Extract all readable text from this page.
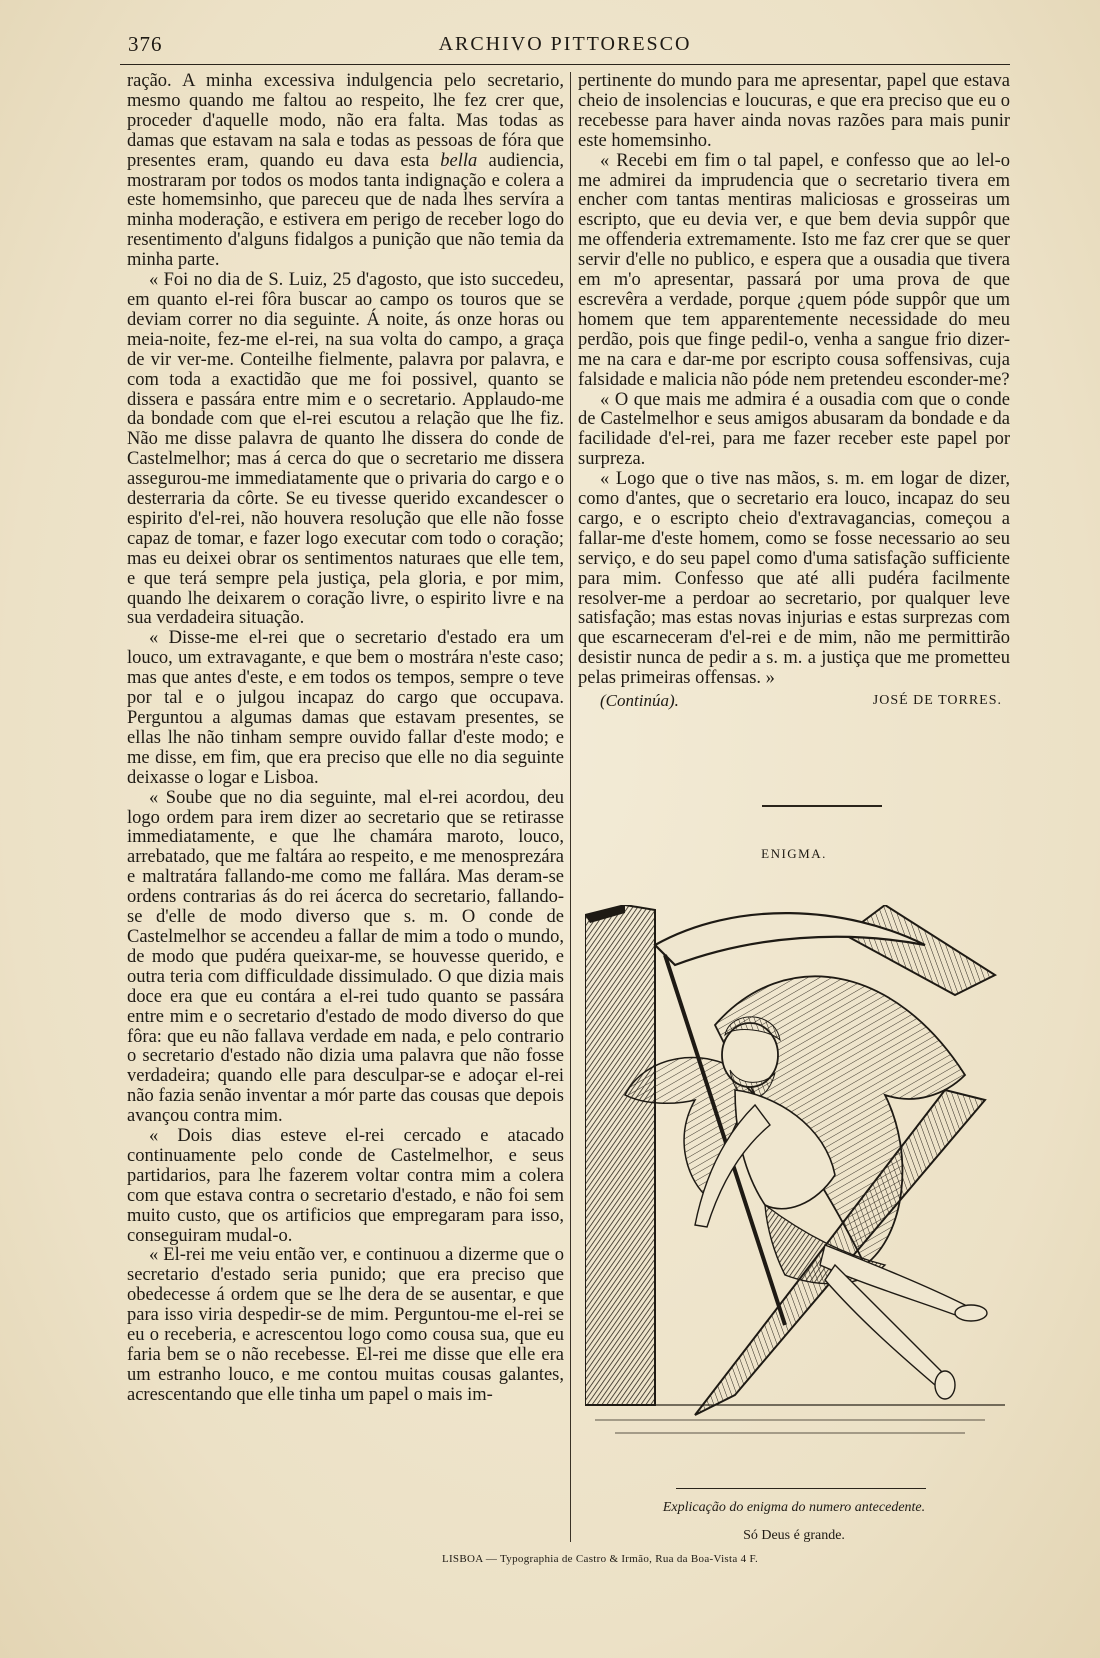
376	ARCHIVO PITTORESCO

ração. A minha excessiva indulgencia pelo secretario, mesmo quando me faltou ao respeito, lhe fez crer que, proceder d'aquelle modo, não era falta. Mas todas as damas que estavam na sala e todas as pessoas de fóra que presentes eram, quando eu dava esta bella audiencia, mostraram por todos os modos tanta indignação e colera a este homemsinho, que pareceu que de nada lhes servíra a minha moderação, e estivera em perigo de receber logo do resentimento d'alguns fidalgos a punição que não temia da minha parte.

« Foi no dia de S. Luiz, 25 d'agosto, que isto succedeu, em quanto el-rei fôra buscar ao campo os touros que se deviam correr no dia seguinte. Á noite, ás onze horas ou meia-noite, fez-me el-rei, na sua volta do campo, a graça de vir ver-me. Conteilhe fielmente, palavra por palavra, e com toda a exactidão que me foi possivel, quanto se dissera e passára entre mim e o secretario. Applaudo-me da bondade com que el-rei escutou a relação que lhe fiz. Não me disse palavra de quanto lhe dissera do conde de Castelmelhor; mas á cerca do que o secretario me dissera assegurou-me immediatamente que o privaria do cargo e o desterraria da côrte. Se eu tivesse querido excandescer o espirito d'el-rei, não houvera resolução que elle não fosse capaz de tomar, e fazer logo executar com todo o coração; mas eu deixei obrar os sentimentos naturaes que elle tem, e que terá sempre pela justiça, pela gloria, e por mim, quando lhe deixarem o coração livre, o espirito livre e na sua verdadeira situação.

« Disse-me el-rei que o secretario d'estado era um louco, um extravagante, e que bem o mostrára n'este caso; mas que antes d'este, e em todos os tempos, sempre o teve por tal e o julgou incapaz do cargo que occupava. Perguntou a algumas damas que estavam presentes, se ellas lhe não tinham sempre ouvido fallar d'este modo; e me disse, em fim, que era preciso que elle no dia seguinte deixasse o logar e Lisboa.

« Soube que no dia seguinte, mal el-rei acordou, deu logo ordem para irem dizer ao secretario que se retirasse immediatamente, e que lhe chamára maroto, louco, arrebatado, que me faltára ao respeito, e me menosprezára e maltratára fallando-me como me fallára. Mas deram-se ordens contrarias ás do rei ácerca do secretario, fallando-se d'elle de modo diverso que s. m. O conde de Castelmelhor se accendeu a fallar de mim a todo o mundo, de modo que pudéra queixar-me, se houvesse querido, e outra teria com difficuldade dissimulado. O que dizia mais doce era que eu contára a el-rei tudo quanto se passára entre mim e o secretario d'estado de modo diverso do que fôra: que eu não fallava verdade em nada, e pelo contrario o secretario d'estado não dizia uma palavra que não fosse verdadeira; quando elle para desculpar-se e adoçar el-rei não fazia senão inventar a mór parte das cousas que depois avançou contra mim.

« Dois dias esteve el-rei cercado e atacado continuamente pelo conde de Castelmelhor, e seus partidarios, para lhe fazerem voltar contra mim a colera com que estava contra o secretario d'estado, e não foi sem muito custo, que os artificios que empregaram para isso, conseguiram mudal-o.

« El-rei me veiu então ver, e continuou a dizerme que o secretario d'estado seria punido; que era preciso que obedecesse á ordem que se lhe dera de se ausentar, e que para isso viria despedir-se de mim. Perguntou-me el-rei se eu o receberia, e acrescentou logo como cousa sua, que eu faria bem se o não recebesse. El-rei me disse que elle era um estranho louco, e me contou muitas cousas galantes, acrescentando que elle tinha um papel o mais im-

pertinente do mundo para me apresentar, papel que estava cheio de insolencias e loucuras, e que era preciso que eu o recebesse para haver ainda novas razões para mais punir este homemsinho.

« Recebi em fim o tal papel, e confesso que ao lel-o me admirei da imprudencia que o secretario tivera em encher com tantas mentiras maliciosas e grosseiras um escripto, que eu devia ver, e que bem devia suppôr que me offenderia extremamente. Isto me faz crer que se quer servir d'elle no publico, e espera que a ousadia que tivera em m'o apresentar, passará por uma prova de que escrevêra a verdade, porque ¿quem póde suppôr que um homem que tem apparentemente necessidade do meu perdão, pois que finge pedil-o, venha a sangue frio dizer-me na cara e dar-me por escripto cousa soffensivas, cuja falsidade e malicia não póde nem pretendeu esconder-me?

« O que mais me admira é a ousadia com que o conde de Castelmelhor e seus amigos abusaram da bondade e da facilidade d'el-rei, para me fazer receber este papel por surpreza.

« Logo que o tive nas mãos, s. m. em logar de dizer, como d'antes, que o secretario era louco, incapaz do seu cargo, e o escripto cheio d'extravagancias, começou a fallar-me d'este homem, como se fosse necessario ao seu serviço, e do seu papel como d'uma satisfação sufficiente para mim. Confesso que até alli pudéra facilmente resolver-me a perdoar ao secretario, por qualquer leve satisfação; mas estas novas injurias e estas surprezas com que escarneceram d'el-rei e de mim, não me permittirão desistir nunca de pedir a s. m. a justiça que me prometteu pelas primeiras offensas. »

(Continúa).	JOSÉ DE TORRES.
ENIGMA.
Explicação do enigma do numero antecedente.
Só Deus é grande.
LISBOA — Typographia de Castro & Irmão, Rua da Boa-Vista 4 F.
